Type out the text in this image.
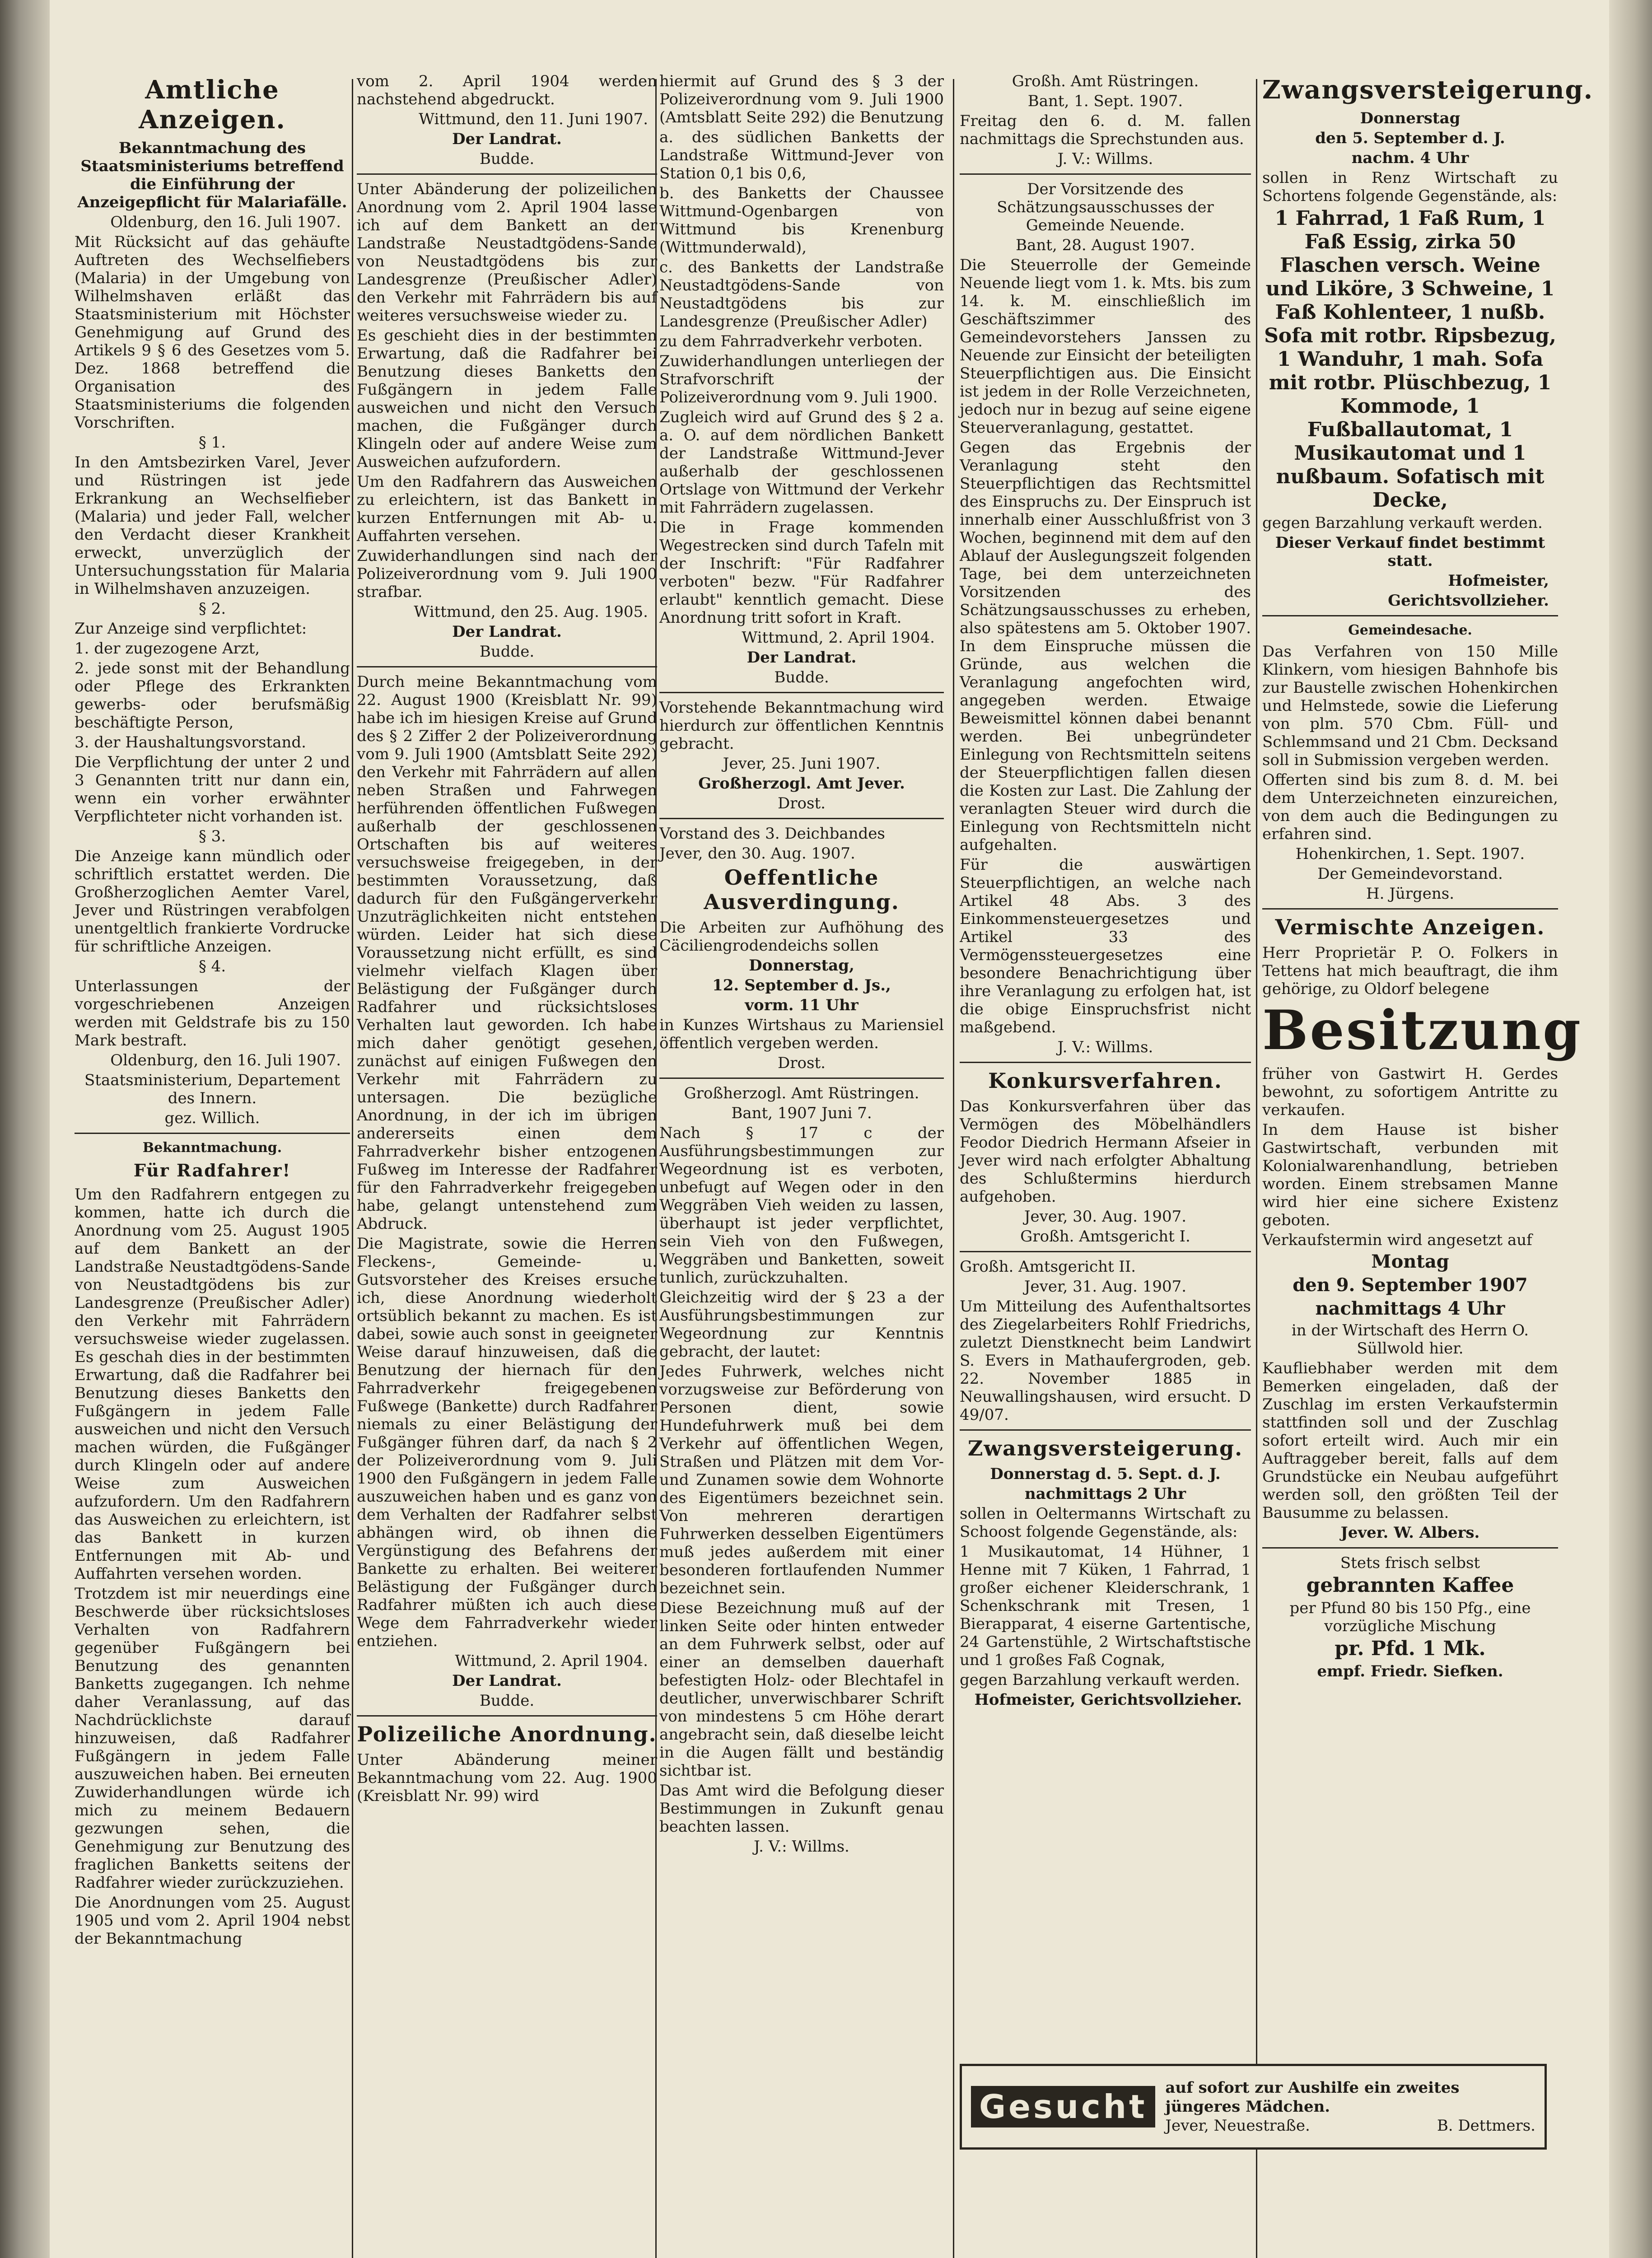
Amtliche Anzeigen.

Bekanntmachung des Staatsministeriums betreffend die Einführung der Anzeigepflicht für Malariafälle.

Oldenburg, den 16. Juli 1907.

Mit Rücksicht auf das gehäufte Auftreten des Wechselfiebers (Malaria) in der Umgebung von Wilhelmshaven erläßt das Staatsministerium mit Höchster Genehmigung auf Grund des Artikels 9 § 6 des Gesetzes vom 5. Dez. 1868 betreffend die Organisation des Staatsministeriums die folgenden Vorschriften.

§ 1.

In den Amtsbezirken Varel, Jever und Rüstringen ist jede Erkrankung an Wechselfieber (Malaria) und jeder Fall, welcher den Verdacht dieser Krankheit erweckt, unverzüglich der Untersuchungsstation für Malaria in Wilhelmshaven anzuzeigen.

§ 2.

Zur Anzeige sind verpflichtet:

1. der zugezogene Arzt,

2. jede sonst mit der Behandlung oder Pflege des Erkrankten gewerbs- oder berufsmäßig beschäftigte Person,

3. der Haushaltungsvorstand.

Die Verpflichtung der unter 2 und 3 Genannten tritt nur dann ein, wenn ein vorher erwähnter Verpflichteter nicht vorhanden ist.

§ 3.

Die Anzeige kann mündlich oder schriftlich erstattet werden. Die Großherzoglichen Aemter Varel, Jever und Rüstringen verabfolgen unentgeltlich frankierte Vordrucke für schriftliche Anzeigen.

§ 4.

Unterlassungen der vorgeschriebenen Anzeigen werden mit Geldstrafe bis zu 150 Mark bestraft.

Oldenburg, den 16. Juli 1907.

Staatsministerium, Departement des Innern.

gez. Willich.

Bekanntmachung.
Für Radfahrer!

Um den Radfahrern entgegen zu kommen, hatte ich durch die Anordnung vom 25. August 1905 auf dem Bankett an der Landstraße Neustadtgödens-Sande von Neustadtgödens bis zur Landesgrenze (Preußischer Adler) den Verkehr mit Fahrrädern versuchsweise wieder zugelassen. Es geschah dies in der bestimmten Erwartung, daß die Radfahrer bei Benutzung dieses Banketts den Fußgängern in jedem Falle ausweichen und nicht den Versuch machen würden, die Fußgänger durch Klingeln oder auf andere Weise zum Ausweichen aufzufordern. Um den Radfahrern das Ausweichen zu erleichtern, ist das Bankett in kurzen Entfernungen mit Ab- und Auffahrten versehen worden.

Trotzdem ist mir neuerdings eine Beschwerde über rücksichtsloses Verhalten von Radfahrern gegenüber Fußgängern bei Benutzung des genannten Banketts zugegangen. Ich nehme daher Veranlassung, auf das Nachdrücklichste darauf hinzuweisen, daß Radfahrer Fußgängern in jedem Falle auszuweichen haben. Bei erneuten Zuwiderhandlungen würde ich mich zu meinem Bedauern gezwungen sehen, die Genehmigung zur Benutzung des fraglichen Banketts seitens der Radfahrer wieder zurückzuziehen.

Die Anordnungen vom 25. August 1905 und vom 2. April 1904 nebst der Bekanntmachung

vom 2. April 1904 werden nachstehend abgedruckt.

Wittmund, den 11. Juni 1907.

Der Landrat.

Budde.

Unter Abänderung der polizeilichen Anordnung vom 2. April 1904 lasse ich auf dem Bankett an der Landstraße Neustadtgödens-Sande von Neustadtgödens bis zur Landesgrenze (Preußischer Adler) den Verkehr mit Fahrrädern bis auf weiteres versuchsweise wieder zu.

Es geschieht dies in der bestimmten Erwartung, daß die Radfahrer bei Benutzung dieses Banketts den Fußgängern in jedem Falle ausweichen und nicht den Versuch machen, die Fußgänger durch Klingeln oder auf andere Weise zum Ausweichen aufzufordern.

Um den Radfahrern das Ausweichen zu erleichtern, ist das Bankett in kurzen Entfernungen mit Ab- u. Auffahrten versehen.

Zuwiderhandlungen sind nach der Polizeiverordnung vom 9. Juli 1900 strafbar.

Wittmund, den 25. Aug. 1905.

Der Landrat.

Budde.

Durch meine Bekanntmachung vom 22. August 1900 (Kreisblatt Nr. 99) habe ich im hiesigen Kreise auf Grund des § 2 Ziffer 2 der Polizeiverordnung vom 9. Juli 1900 (Amtsblatt Seite 292) den Verkehr mit Fahrrädern auf allen neben Straßen und Fahrwegen herführenden öffentlichen Fußwegen außerhalb der geschlossenen Ortschaften bis auf weiteres versuchsweise freigegeben, in der bestimmten Voraussetzung, daß dadurch für den Fußgängerverkehr Unzuträglichkeiten nicht entstehen würden. Leider hat sich diese Voraussetzung nicht erfüllt, es sind vielmehr vielfach Klagen über Belästigung der Fußgänger durch Radfahrer und rücksichtsloses Verhalten laut geworden. Ich habe mich daher genötigt gesehen, zunächst auf einigen Fußwegen den Verkehr mit Fahrrädern zu untersagen. Die bezügliche Anordnung, in der ich im übrigen andererseits einen dem Fahrradverkehr bisher entzogenen Fußweg im Interesse der Radfahrer für den Fahrradverkehr freigegeben habe, gelangt untenstehend zum Abdruck.

Die Magistrate, sowie die Herren Fleckens-, Gemeinde- u. Gutsvorsteher des Kreises ersuche ich, diese Anordnung wiederholt ortsüblich bekannt zu machen. Es ist dabei, sowie auch sonst in geeigneter Weise darauf hinzuweisen, daß die Benutzung der hiernach für den Fahrradverkehr freigegebenen Fußwege (Bankette) durch Radfahrer niemals zu einer Belästigung der Fußgänger führen darf, da nach § 2 der Polizeiverordnung vom 9. Juli 1900 den Fußgängern in jedem Falle auszuweichen haben und es ganz von dem Verhalten der Radfahrer selbst abhängen wird, ob ihnen die Vergünstigung des Befahrens der Bankette zu erhalten. Bei weiterer Belästigung der Fußgänger durch Radfahrer müßten ich auch diese Wege dem Fahrradverkehr wieder entziehen.

Wittmund, 2. April 1904.

Der Landrat.

Budde.

Polizeiliche Anordnung.

Unter Abänderung meiner Bekanntmachung vom 22. Aug. 1900 (Kreisblatt Nr. 99) wird

hiermit auf Grund des § 3 der Polizeiverordnung vom 9. Juli 1900 (Amtsblatt Seite 292) die Benutzung

a. des südlichen Banketts der Landstraße Wittmund-Jever von Station 0,1 bis 0,6,

b. des Banketts der Chaussee Wittmund-Ogenbargen von Wittmund bis Krenenburg (Wittmunderwald),

c. des Banketts der Landstraße Neustadtgödens-Sande von Neustadtgödens bis zur Landesgrenze (Preußischer Adler)

zu dem Fahrradverkehr verboten.

Zuwiderhandlungen unterliegen der Strafvorschrift der Polizeiverordnung vom 9. Juli 1900.

Zugleich wird auf Grund des § 2 a. a. O. auf dem nördlichen Bankett der Landstraße Wittmund-Jever außerhalb der geschlossenen Ortslage von Wittmund der Verkehr mit Fahrrädern zugelassen.

Die in Frage kommenden Wegestrecken sind durch Tafeln mit der Inschrift: "Für Radfahrer verboten" bezw. "Für Radfahrer erlaubt" kenntlich gemacht. Diese Anordnung tritt sofort in Kraft.

Wittmund, 2. April 1904.

Der Landrat.

Budde.

Vorstehende Bekanntmachung wird hierdurch zur öffentlichen Kenntnis gebracht.

Jever, 25. Juni 1907.

Großherzogl. Amt Jever.

Drost.

Vorstand des 3. Deichbandes

Jever, den 30. Aug. 1907.

Oeffentliche Ausverdingung.

Die Arbeiten zur Aufhöhung des Cäciliengrodendeichs sollen

Donnerstag,

12. September d. Js.,

vorm. 11 Uhr

in Kunzes Wirtshaus zu Mariensiel öffentlich vergeben werden.

Drost.

Großherzogl. Amt Rüstringen.

Bant, 1907 Juni 7.

Nach § 17 c der Ausführungsbestimmungen zur Wegeordnung ist es verboten, unbefugt auf Wegen oder in den Weggräben Vieh weiden zu lassen, überhaupt ist jeder verpflichtet, sein Vieh von den Fußwegen, Weggräben und Banketten, soweit tunlich, zurückzuhalten.

Gleichzeitig wird der § 23 a der Ausführungsbestimmungen zur Wegeordnung zur Kenntnis gebracht, der lautet:

Jedes Fuhrwerk, welches nicht vorzugsweise zur Beförderung von Personen dient, sowie Hundefuhrwerk muß bei dem Verkehr auf öffentlichen Wegen, Straßen und Plätzen mit dem Vor- und Zunamen sowie dem Wohnorte des Eigentümers bezeichnet sein. Von mehreren derartigen Fuhrwerken desselben Eigentümers muß jedes außerdem mit einer besonderen fortlaufenden Nummer bezeichnet sein.

Diese Bezeichnung muß auf der linken Seite oder hinten entweder an dem Fuhrwerk selbst, oder auf einer an demselben dauerhaft befestigten Holz- oder Blechtafel in deutlicher, unverwischbarer Schrift von mindestens 5 cm Höhe derart angebracht sein, daß dieselbe leicht in die Augen fällt und beständig sichtbar ist.

Das Amt wird die Befolgung dieser Bestimmungen in Zukunft genau beachten lassen.

J. V.: Willms.

Großh. Amt Rüstringen.

Bant, 1. Sept. 1907.

Freitag den 6. d. M. fallen nachmittags die Sprechstunden aus.

J. V.: Willms.

Der Vorsitzende des Schätzungsausschusses der Gemeinde Neuende.

Bant, 28. August 1907.

Die Steuerrolle der Gemeinde Neuende liegt vom 1. k. Mts. bis zum 14. k. M. einschließlich im Geschäftszimmer des Gemeindevorstehers Janssen zu Neuende zur Einsicht der beteiligten Steuerpflichtigen aus. Die Einsicht ist jedem in der Rolle Verzeichneten, jedoch nur in bezug auf seine eigene Steuerveranlagung, gestattet.

Gegen das Ergebnis der Veranlagung steht den Steuerpflichtigen das Rechtsmittel des Einspruchs zu. Der Einspruch ist innerhalb einer Ausschlußfrist von 3 Wochen, beginnend mit dem auf den Ablauf der Auslegungszeit folgenden Tage, bei dem unterzeichneten Vorsitzenden des Schätzungsausschusses zu erheben, also spätestens am 5. Oktober 1907. In dem Einspruche müssen die Gründe, aus welchen die Veranlagung angefochten wird, angegeben werden. Etwaige Beweismittel können dabei benannt werden. Bei unbegründeter Einlegung von Rechtsmitteln seitens der Steuerpflichtigen fallen diesen die Kosten zur Last. Die Zahlung der veranlagten Steuer wird durch die Einlegung von Rechtsmitteln nicht aufgehalten.

Für die auswärtigen Steuerpflichtigen, an welche nach Artikel 48 Abs. 3 des Einkommensteuergesetzes und Artikel 33 des Vermögenssteuergesetzes eine besondere Benachrichtigung über ihre Veranlagung zu erfolgen hat, ist die obige Einspruchsfrist nicht maßgebend.

J. V.: Willms.

Konkursverfahren.

Das Konkursverfahren über das Vermögen des Möbelhändlers Feodor Diedrich Hermann Afseier in Jever wird nach erfolgter Abhaltung des Schlußtermins hierdurch aufgehoben.

Jever, 30. Aug. 1907.

Großh. Amtsgericht I.

Großh. Amtsgericht II.

Jever, 31. Aug. 1907.

Um Mitteilung des Aufenthaltsortes des Ziegelarbeiters Rohlf Friedrichs, zuletzt Dienstknecht beim Landwirt S. Evers in Mathaufergroden, geb. 22. November 1885 in Neuwallingshausen, wird ersucht. D 49/07.

Zwangsversteigerung.

Donnerstag d. 5. Sept. d. J.

nachmittags 2 Uhr

sollen in Oeltermanns Wirtschaft zu Schoost folgende Gegenstände, als:

1 Musikautomat, 14 Hühner, 1 Henne mit 7 Küken, 1 Fahrrad, 1 großer eichener Kleiderschrank, 1 Schenkschrank mit Tresen, 1 Bierapparat, 4 eiserne Gartentische, 24 Gartenstühle, 2 Wirtschaftstische und 1 großes Faß Cognak,

gegen Barzahlung verkauft werden.

Hofmeister, Gerichtsvollzieher.

Zwangsversteigerung.

Donnerstag

den 5. September d. J.

nachm. 4 Uhr

sollen in Renz Wirtschaft zu Schortens folgende Gegenstände, als:

1 Fahrrad, 1 Faß Rum, 1 Faß Essig, zirka 50 Flaschen versch. Weine und Liköre, 3 Schweine, 1 Faß Kohlenteer, 1 nußb. Sofa mit rotbr. Ripsbezug, 1 Wanduhr, 1 mah. Sofa mit rotbr. Plüschbezug, 1 Kommode, 1 Fußballautomat, 1 Musikautomat und 1 nußbaum. Sofatisch mit Decke,

gegen Barzahlung verkauft werden.

Dieser Verkauf findet bestimmt statt.

Hofmeister,

Gerichtsvollzieher.

Gemeindesache.

Das Verfahren von 150 Mille Klinkern, vom hiesigen Bahnhofe bis zur Baustelle zwischen Hohenkirchen und Helmstede, sowie die Lieferung von plm. 570 Cbm. Füll- und Schlemmsand und 21 Cbm. Decksand soll in Submission vergeben werden.

Offerten sind bis zum 8. d. M. bei dem Unterzeichneten einzureichen, von dem auch die Bedingungen zu erfahren sind.

Hohenkirchen, 1. Sept. 1907.

Der Gemeindevorstand.

H. Jürgens.

Vermischte Anzeigen.

Herr Proprietär P. O. Folkers in Tettens hat mich beauftragt, die ihm gehörige, zu Oldorf belegene

Besitzung

früher von Gastwirt H. Gerdes bewohnt, zu sofortigem Antritte zu verkaufen.

In dem Hause ist bisher Gastwirtschaft, verbunden mit Kolonialwarenhandlung, betrieben worden. Einem strebsamen Manne wird hier eine sichere Existenz geboten.

Verkaufstermin wird angesetzt auf

Montag

den 9. September 1907

nachmittags 4 Uhr

in der Wirtschaft des Herrn O. Süllwold hier.

Kaufliebhaber werden mit dem Bemerken eingeladen, daß der Zuschlag im ersten Verkaufstermin stattfinden soll und der Zuschlag sofort erteilt wird. Auch mir ein Auftraggeber bereit, falls auf dem Grundstücke ein Neubau aufgeführt werden soll, den größten Teil der Bausumme zu belassen.

Jever. W. Albers.

Stets frisch selbst

gebrannten Kaffee

per Pfund 80 bis 150 Pfg., eine vorzügliche Mischung

pr. Pfd. 1 Mk.

empf. Friedr. Siefken.

Gesucht	auf sofort zur Aushilfe ein zweites jüngeres Mädchen.
Jever, Neuestraße.	B. Dettmers.
